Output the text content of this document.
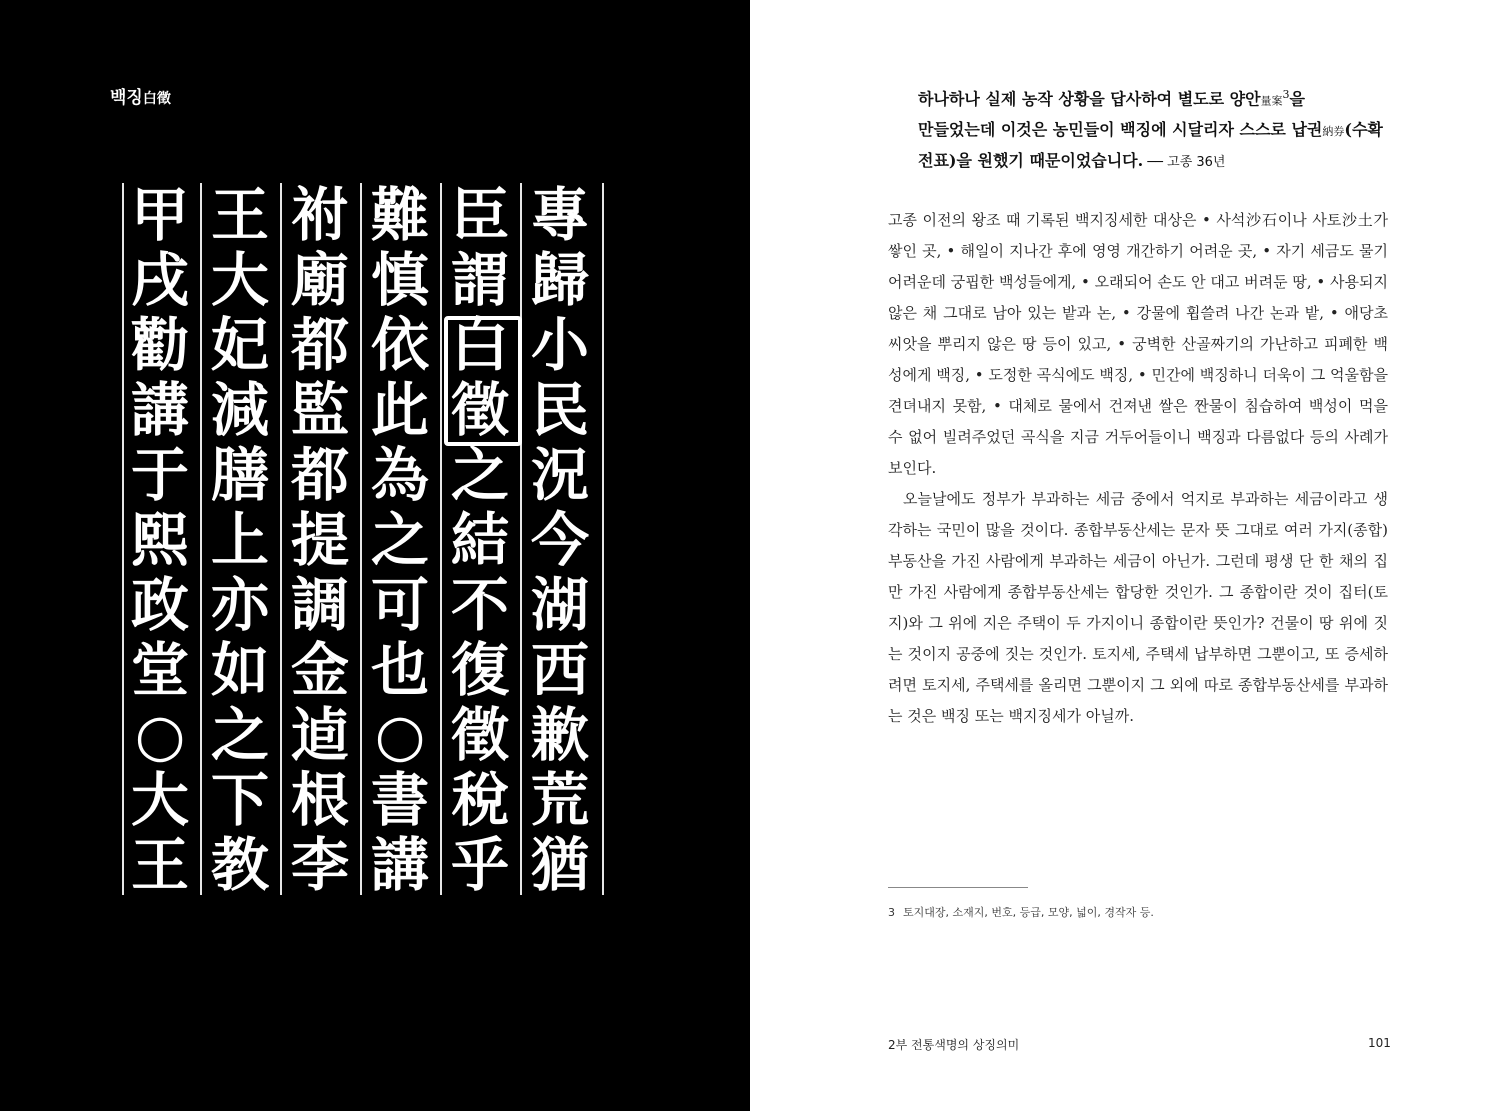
백징白徵
專
歸
小
民
況
今
湖
西
歉
荒
猶
臣
謂
白
徵
之
結
不
復
徵
稅
乎
難
慎
依
此
為
之
可
也
○
書
講
祔
廟
都
監
都
提
調
金
逌
根
李
王
大
妃
減
膳
上
亦
如
之
下
教
甲
戌
勸
講
于
熙
政
堂
○
大
王
하나하나 실제 농작 상황을 답사하여 별도로 양안量案$^3$을
만들었는데 이것은 농민들이 백징에 시달리자 스스로 납권納券(수확
전표)을 원했기 때문이었습니다. ── 고종 36년

고종 이전의 왕조 때 기록된 백지징세한 대상은 • 사석沙石이나 사토沙土가 쌓인 곳, • 해일이 지나간 후에 영영 개간하기 어려운 곳, • 자기 세금도 물기 어려운데 궁핍한 백성들에게, • 오래되어 손도 안 대고 버려둔 땅, • 사용되지 않은 채 그대로 남아 있는 밭과 논, • 강물에 휩쓸려 나간 논과 밭, • 애당초 씨앗을 뿌리지 않은 땅 등이 있고, • 궁벽한 산골짜기의 가난하고 피폐한 백성에게 백징, • 도정한 곡식에도 백징, • 민간에 백징하니 더욱이 그 억울함을 견뎌내지 못함, • 대체로 물에서 건져낸 쌀은 짠물이 침습하여 백성이 먹을 수 없어 빌려주었던 곡식을 지금 거두어들이니 백징과 다름없다 등의 사례가 보인다.

오늘날에도 정부가 부과하는 세금 중에서 억지로 부과하는 세금이라고 생각하는 국민이 많을 것이다. 종합부동산세는 문자 뜻 그대로 여러 가지(종합) 부동산을 가진 사람에게 부과하는 세금이 아닌가. 그런데 평생 단 한 채의 집만 가진 사람에게 종합부동산세는 합당한 것인가. 그 종합이란 것이 집터(토지)와 그 위에 지은 주택이 두 가지이니 종합이란 뜻인가? 건물이 땅 위에 짓는 것이지 공중에 짓는 것인가. 토지세, 주택세 납부하면 그뿐이고, 또 증세하려면 토지세, 주택세를 올리면 그뿐이지 그 외에 따로 종합부동산세를 부과하는 것은 백징 또는 백지징세가 아닐까.

3 토지대장, 소재지, 번호, 등급, 모양, 넓이, 경작자 등.
2부 전통색명의 상징의미	101
